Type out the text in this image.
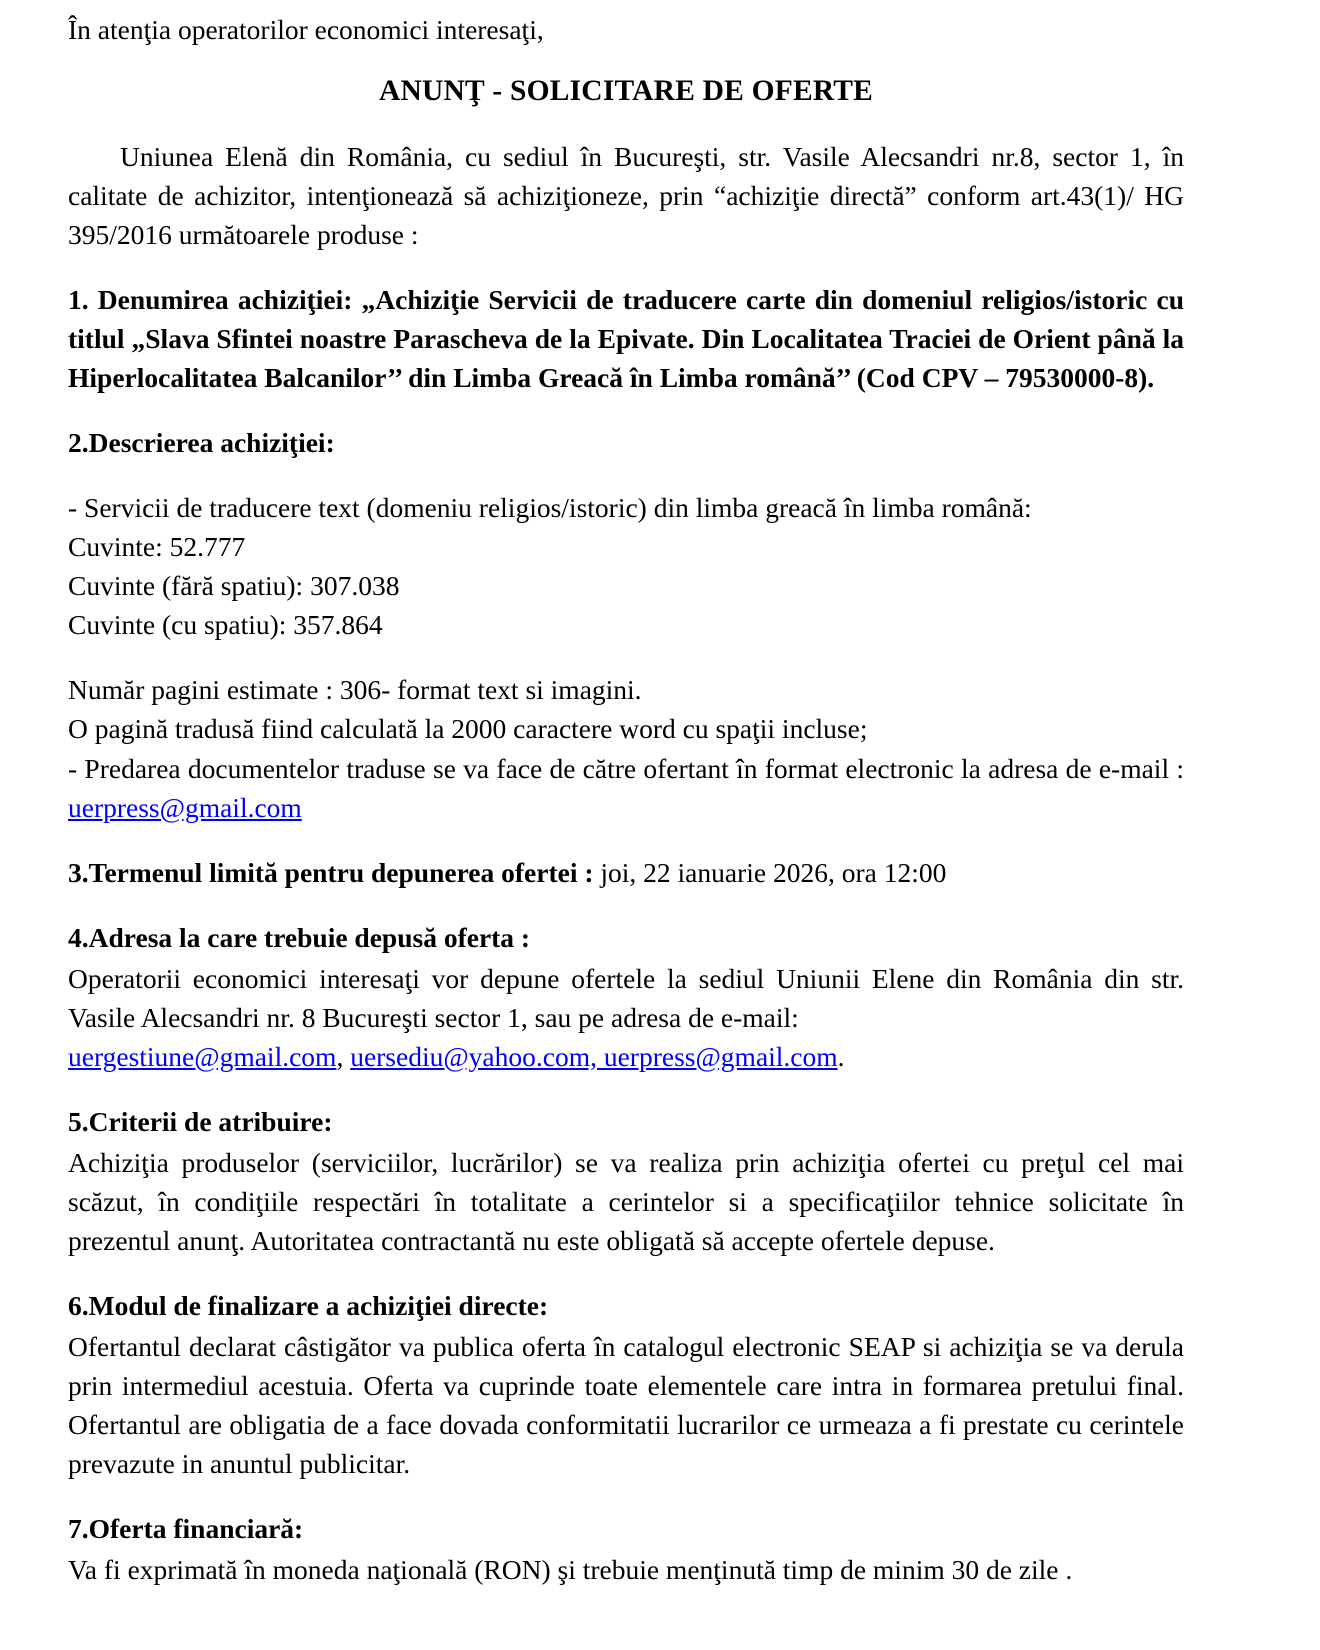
În atenţia operatorilor economici interesaţi,

ANUNŢ - SOLICITARE DE OFERTE

Uniunea Elenă din România, cu sediul în Bucureşti, str. Vasile Alecsandri nr.8, sector 1, în calitate de achizitor, intenţionează să achiziţioneze, prin “achiziţie directă” conform art.43(1)/ HG 395/2016 următoarele produse :

1. Denumirea achiziţiei: „Achiziţie Servicii de traducere carte din domeniul religios/istoric cu titlul „Slava Sfintei noastre Parascheva de la Epivate. Din Localitatea Traciei de Orient până la Hiperlocalitatea Balcanilor’’ din Limba Greacă în Limba română’’ (Cod CPV – 79530000-8).

2.Descrierea achiziţiei:

- Servicii de traducere text (domeniu religios/istoric) din limba greacă în limba română:

Cuvinte: 52.777

Cuvinte (fără spatiu): 307.038

Cuvinte (cu spatiu): 357.864

Număr pagini estimate : 306- format text si imagini.

O pagină tradusă fiind calculată la 2000 caractere word cu spaţii incluse;

- Predarea documentelor traduse se va face de către ofertant în format electronic la adresa de e-mail : uerpress@gmail.com

3.Termenul limită pentru depunerea ofertei : joi, 22 ianuarie 2026, ora 12:00

4.Adresa la care trebuie depusă oferta :

Operatorii economici interesaţi vor depune ofertele la sediul Uniunii Elene din România din str. Vasile Alecsandri nr. 8 Bucureşti sector 1, sau pe adresa de e-mail:

uergestiune@gmail.com, uersediu@yahoo.com, uerpress@gmail.com.

5.Criterii de atribuire:

Achiziţia produselor (serviciilor, lucrărilor) se va realiza prin achiziţia ofertei cu preţul cel mai scăzut, în condiţiile respectări în totalitate a cerintelor si a specificaţiilor tehnice solicitate în prezentul anunţ. Autoritatea contractantă nu este obligată să accepte ofertele depuse.

6.Modul de finalizare a achiziţiei directe:

Ofertantul declarat câstigător va publica oferta în catalogul electronic SEAP si achiziţia se va derula prin intermediul acestuia. Oferta va cuprinde toate elementele care intra in formarea pretului final. Ofertantul are obligatia de a face dovada conformitatii lucrarilor ce urmeaza a fi prestate cu cerintele prevazute in anuntul publicitar.

7.Oferta financiară:

Va fi exprimată în moneda naţională (RON) şi trebuie menţinută timp de minim 30 de zile .
